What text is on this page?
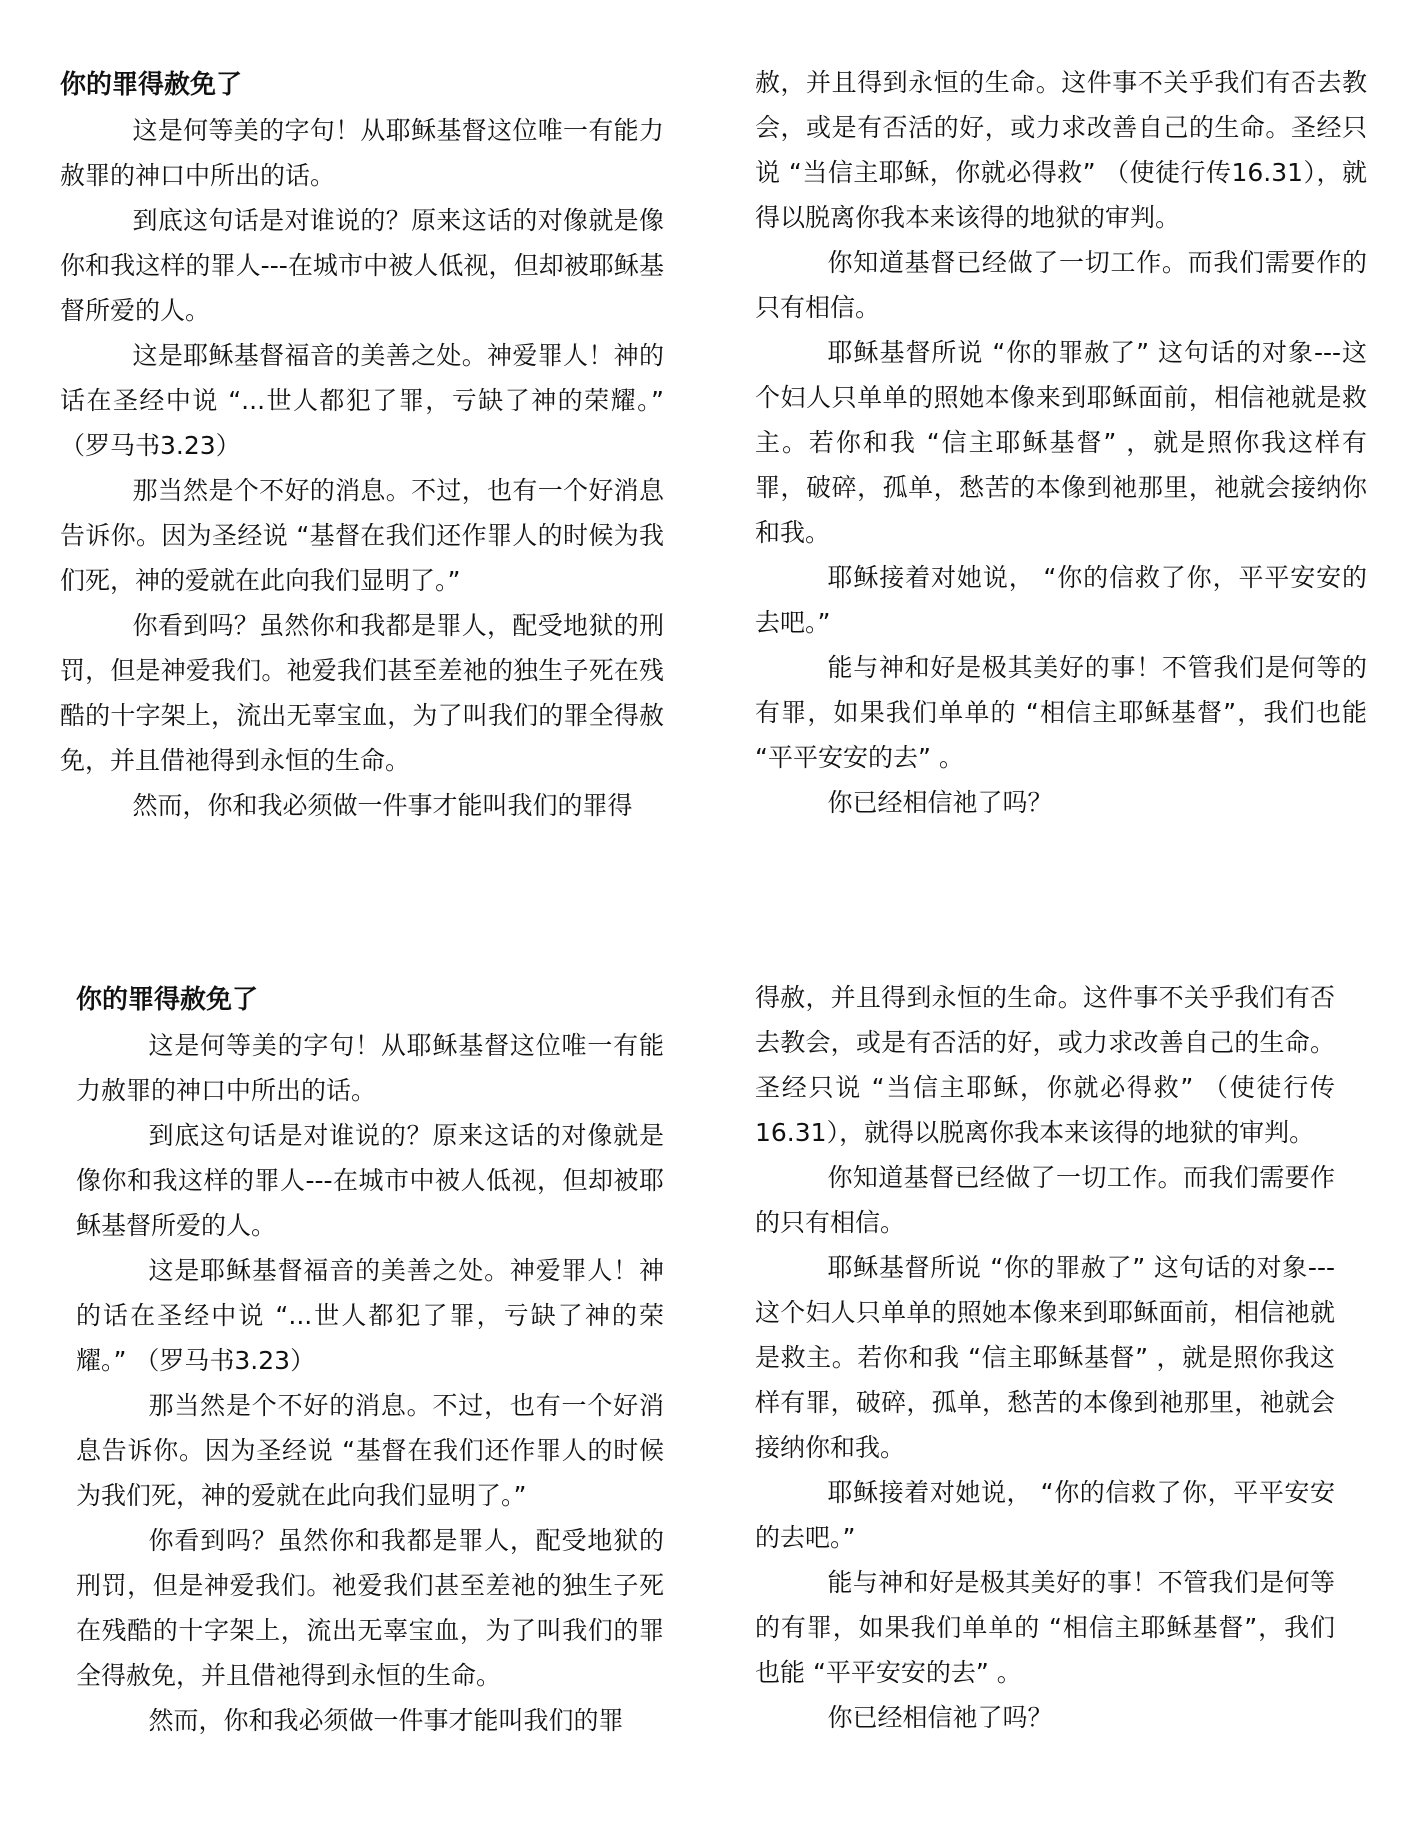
你的罪得赦免了

这是何等美的字句！从耶稣基督这位唯一有能力赦罪的神口中所出的话。

到底这句话是对谁说的？原来这话的对像就是像你和我这样的罪人---在城市中被人低视，但却被耶稣基督所爱的人。

这是耶稣基督福音的美善之处。神爱罪人！神的话在圣经中说 “...世人都犯了罪，亏缺了神的荣耀。” （罗马书3.23）

那当然是个不好的消息。不过，也有一个好消息告诉你。因为圣经说 “基督在我们还作罪人的时候为我们死，神的爱就在此向我们显明了。”

你看到吗？虽然你和我都是罪人，配受地狱的刑罚，但是神爱我们。祂爱我们甚至差祂的独生子死在残酷的十字架上，流出无辜宝血，为了叫我们的罪全得赦免，并且借祂得到永恒的生命。

然而，你和我必须做一件事才能叫我们的罪得

赦，并且得到永恒的生命。这件事不关乎我们有否去教会，或是有否活的好，或力求改善自己的生命。圣经只说 “当信主耶稣，你就必得救” （使徒行传16.31），就得以脱离你我本来该得的地狱的审判。

你知道基督已经做了一切工作。而我们需要作的只有相信。

耶稣基督所说 “你的罪赦了” 这句话的对象---这个妇人只单单的照她本像来到耶稣面前，相信祂就是救主。若你和我 “信主耶稣基督” ，就是照你我这样有罪，破碎，孤单，愁苦的本像到祂那里，祂就会接纳你和我。

耶稣接着对她说， “你的信救了你，平平安安的去吧。”

能与神和好是极其美好的事！不管我们是何等的有罪，如果我们单单的 “相信主耶稣基督”，我们也能 “平平安安的去” 。

你已经相信祂了吗？

你的罪得赦免了

这是何等美的字句！从耶稣基督这位唯一有能力赦罪的神口中所出的话。

到底这句话是对谁说的？原来这话的对像就是像你和我这样的罪人---在城市中被人低视，但却被耶稣基督所爱的人。

这是耶稣基督福音的美善之处。神爱罪人！神的话在圣经中说 “...世人都犯了罪，亏缺了神的荣耀。” （罗马书3.23）

那当然是个不好的消息。不过，也有一个好消息告诉你。因为圣经说 “基督在我们还作罪人的时候为我们死，神的爱就在此向我们显明了。”

你看到吗？虽然你和我都是罪人，配受地狱的刑罚，但是神爱我们。祂爱我们甚至差祂的独生子死在残酷的十字架上，流出无辜宝血，为了叫我们的罪全得赦免，并且借祂得到永恒的生命。

然而，你和我必须做一件事才能叫我们的罪

得赦，并且得到永恒的生命。这件事不关乎我们有否去教会，或是有否活的好，或力求改善自己的生命。圣经只说 “当信主耶稣，你就必得救” （使徒行传16.31），就得以脱离你我本来该得的地狱的审判。

你知道基督已经做了一切工作。而我们需要作的只有相信。

耶稣基督所说 “你的罪赦了” 这句话的对象---这个妇人只单单的照她本像来到耶稣面前，相信祂就是救主。若你和我 “信主耶稣基督” ，就是照你我这样有罪，破碎，孤单，愁苦的本像到祂那里，祂就会接纳你和我。

耶稣接着对她说， “你的信救了你，平平安安的去吧。”

能与神和好是极其美好的事！不管我们是何等的有罪，如果我们单单的 “相信主耶稣基督”，我们也能 “平平安安的去” 。

你已经相信祂了吗？
